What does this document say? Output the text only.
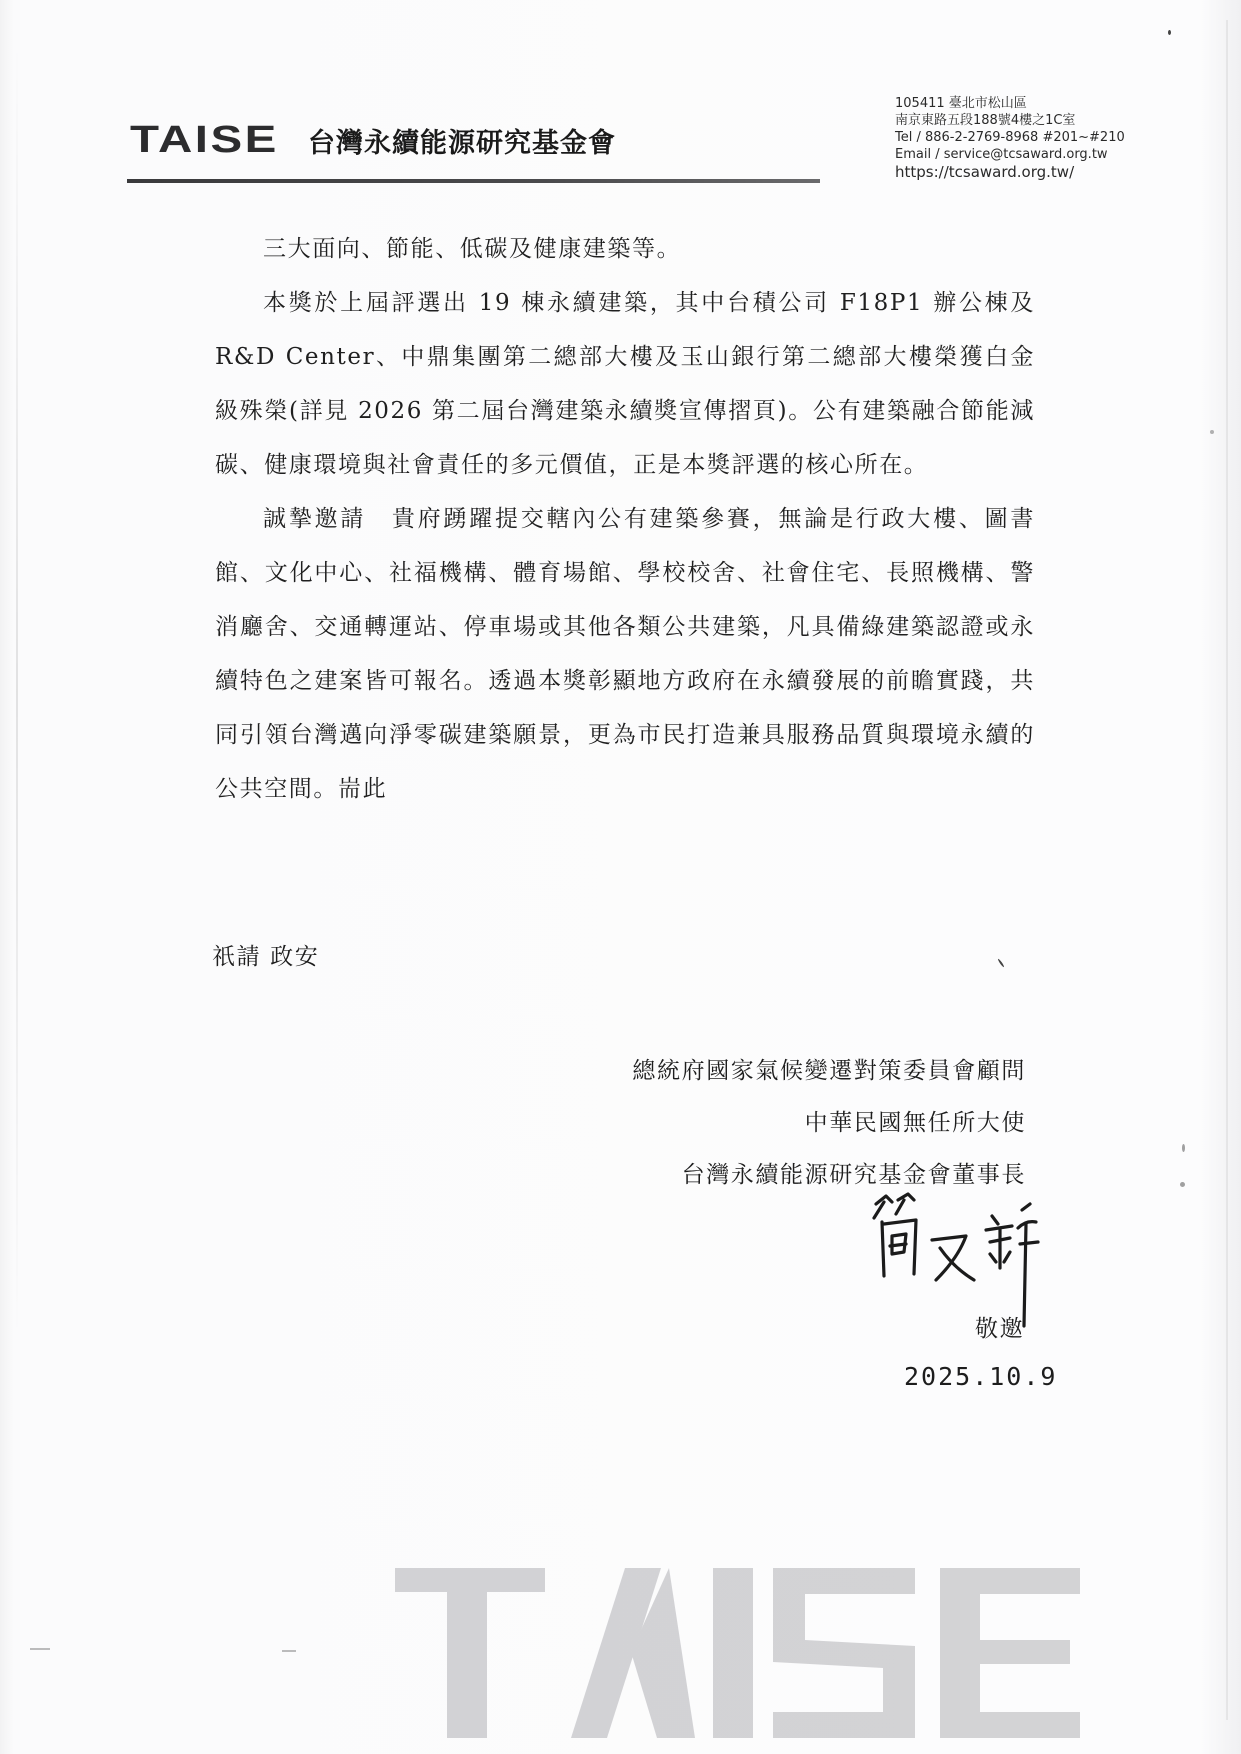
TAISE	台灣永續能源研究基金會
105411 臺北市松山區
南京東路五段188號4樓之1C室
Tel / 886-2-2769-8968 #201~#210
Email / service@tcsaward.org.tw
https://tcsaward.org.tw/

三大面向、節能、低碳及健康建築等。

本獎於上屆評選出 19 棟永續建築，其中台積公司 F18P1 辦公棟及 R&D Center、中鼎集團第二總部大樓及玉山銀行第二總部大樓榮獲白金級殊榮(詳見 2026 第二屆台灣建築永續獎宣傳摺頁)。公有建築融合節能減碳、健康環境與社會責任的多元價值，正是本獎評選的核心所在。

誠摯邀請　貴府踴躍提交轄內公有建築參賽，無論是行政大樓、圖書館、文化中心、社福機構、體育場館、學校校舍、社會住宅、長照機構、警消廳舍、交通轉運站、停車場或其他各類公共建築，凡具備綠建築認證或永續特色之建案皆可報名。透過本獎彰顯地方政府在永續發展的前瞻實踐，共同引領台灣邁向淨零碳建築願景，更為市民打造兼具服務品質與環境永續的公共空間。耑此

祇請 政安
總統府國家氣候變遷對策委員會顧問
中華民國無任所大使
台灣永續能源研究基金會董事長
敬邀
2025.10.9
